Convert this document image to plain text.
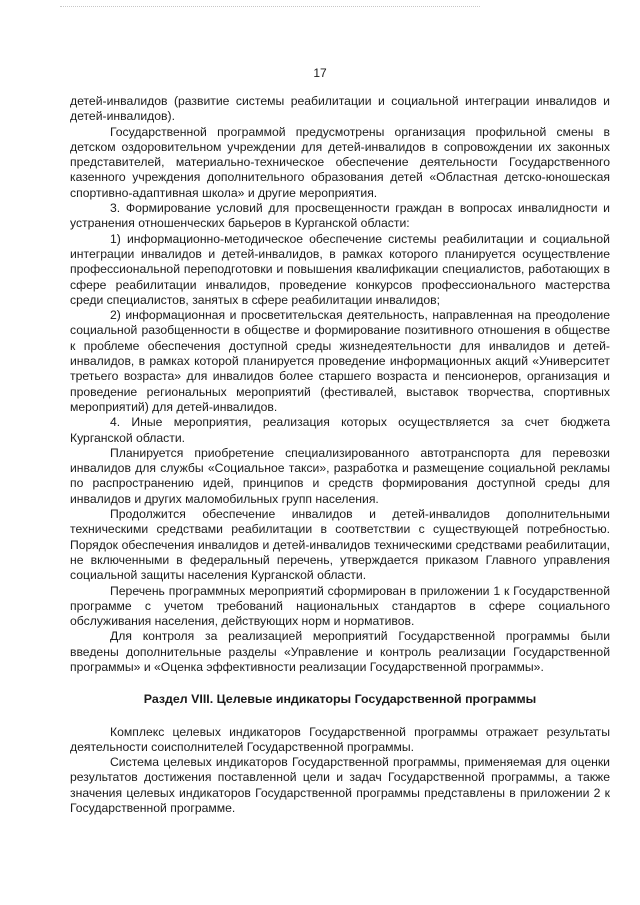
17

детей-инвалидов (развитие системы реабилитации и социальной интеграции инвалидов и детей-инвалидов).

Государственной программой предусмотрены организация профильной смены в детском оздоровительном учреждении для детей-инвалидов в сопровождении их законных представителей, материально-техническое обеспечение деятельности Государственного казенного учреждения дополнительного образования детей «Областная детско-юношеская спортивно-адаптивная школа» и другие мероприятия.

3. Формирование условий для просвещенности граждан в вопросах инвалидности и устранения отношенческих барьеров в Курганской области:

1) информационно-методическое обеспечение системы реабилитации и социальной интеграции инвалидов и детей-инвалидов, в рамках которого планируется осуществление профессиональной переподготовки и повышения квалификации специалистов, работающих в сфере реабилитации инвалидов, проведение конкурсов профессионального мастерства среди специалистов, занятых в сфере реабилитации инвалидов;

2) информационная и просветительская деятельность, направленная на преодоление социальной разобщенности в обществе и формирование позитивного отношения в обществе к проблеме обеспечения доступной среды жизнедеятельности для инвалидов и детей-инвалидов, в рамках которой планируется проведение информационных акций «Университет третьего возраста» для инвалидов более старшего возраста и пенсионеров, организация и проведение региональных мероприятий (фестивалей, выставок творчества, спортивных мероприятий) для детей-инвалидов.

4. Иные мероприятия, реализация которых осуществляется за счет бюджета Курганской области.

Планируется приобретение специализированного автотранспорта для перевозки инвалидов для службы «Социальное такси», разработка и размещение социальной рекламы по распространению идей, принципов и средств формирования доступной среды для инвалидов и других маломобильных групп населения.

Продолжится обеспечение инвалидов и детей-инвалидов дополнительными техническими средствами реабилитации в соответствии с существующей потребностью. Порядок обеспечения инвалидов и детей-инвалидов техническими средствами реабилитации, не включенными в федеральный перечень, утверждается приказом Главного управления социальной защиты населения Курганской области.

Перечень программных мероприятий сформирован в приложении 1 к Государственной программе с учетом требований национальных стандартов в сфере социального обслуживания населения, действующих норм и нормативов.

Для контроля за реализацией мероприятий Государственной программы были введены дополнительные разделы «Управление и контроль реализации Государственной программы» и «Оценка эффективности реализации Государственной программы».

Раздел VIII. Целевые индикаторы Государственной программы

Комплекс целевых индикаторов Государственной программы отражает результаты деятельности соисполнителей Государственной программы.

Система целевых индикаторов Государственной программы, применяемая для оценки результатов достижения поставленной цели и задач Государственной программы, а также значения целевых индикаторов Государственной программы представлены в приложении 2 к Государственной программе.
